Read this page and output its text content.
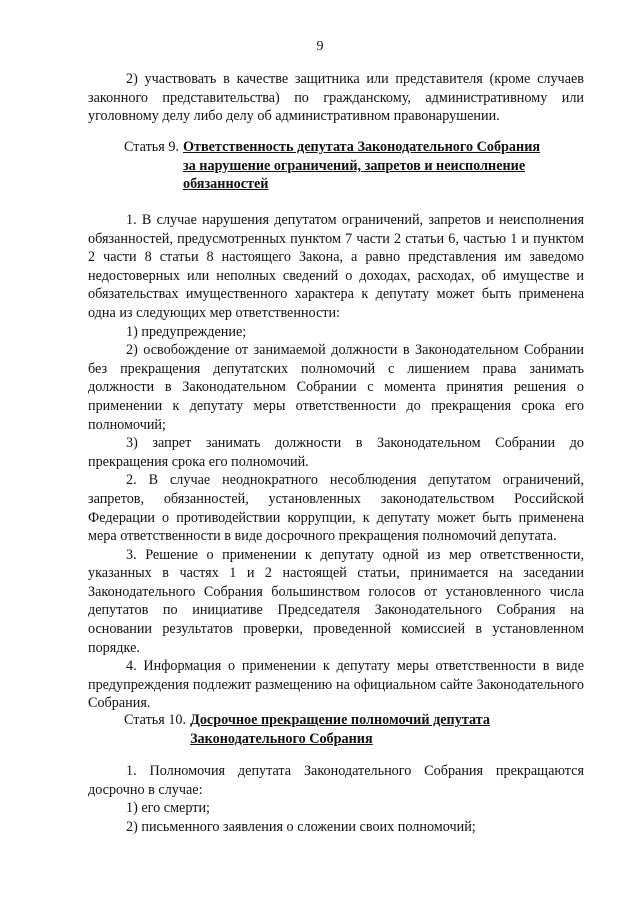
9

2) участвовать в качестве защитника или представителя (кроме случаев законного представительства) по гражданскому, административному или уголовному делу либо делу об административном правонарушении.

Статья 9. Ответственность депутата Законодательного Собрания
за нарушение ограничений, запретов и неисполнение
обязанностей

1. В случае нарушения депутатом ограничений, запретов и неисполнения обязанностей, предусмотренных пунктом 7 части 2 статьи 6, частью 1 и пунктом 2 части 8 статьи 8 настоящего Закона, а равно представления им заведомо недостоверных или неполных сведений о доходах, расходах, об имуществе и обязательствах имущественного характера к депутату может быть применена одна из следующих мер ответственности:

1) предупреждение;

2) освобождение от занимаемой должности в Законодательном Собрании без прекращения депутатских полномочий с лишением права занимать должности в Законодательном Собрании с момента принятия решения о применении к депутату меры ответственности до прекращения срока его полномочий;

3) запрет занимать должности в Законодательном Собрании до прекращения срока его полномочий.

2. В случае неоднократного несоблюдения депутатом ограничений, запретов, обязанностей, установленных законодательством Российской Федерации о противодействии коррупции, к депутату может быть применена мера ответственности в виде досрочного прекращения полномочий депутата.

3. Решение о применении к депутату одной из мер ответственности, указанных в частях 1 и 2 настоящей статьи, принимается на заседании Законодательного Собрания большинством голосов от установленного числа депутатов по инициативе Председателя Законодательного Собрания на основании результатов проверки, проведенной комиссией в установленном порядке.

4. Информация о применении к депутату меры ответственности в виде предупреждения подлежит размещению на официальном сайте Законодательного Собрания.

Статья 10. Досрочное прекращение полномочий депутата
Законодательного Собрания

1. Полномочия депутата Законодательного Собрания прекращаются досрочно в случае:

1) его смерти;

2) письменного заявления о сложении своих полномочий;
